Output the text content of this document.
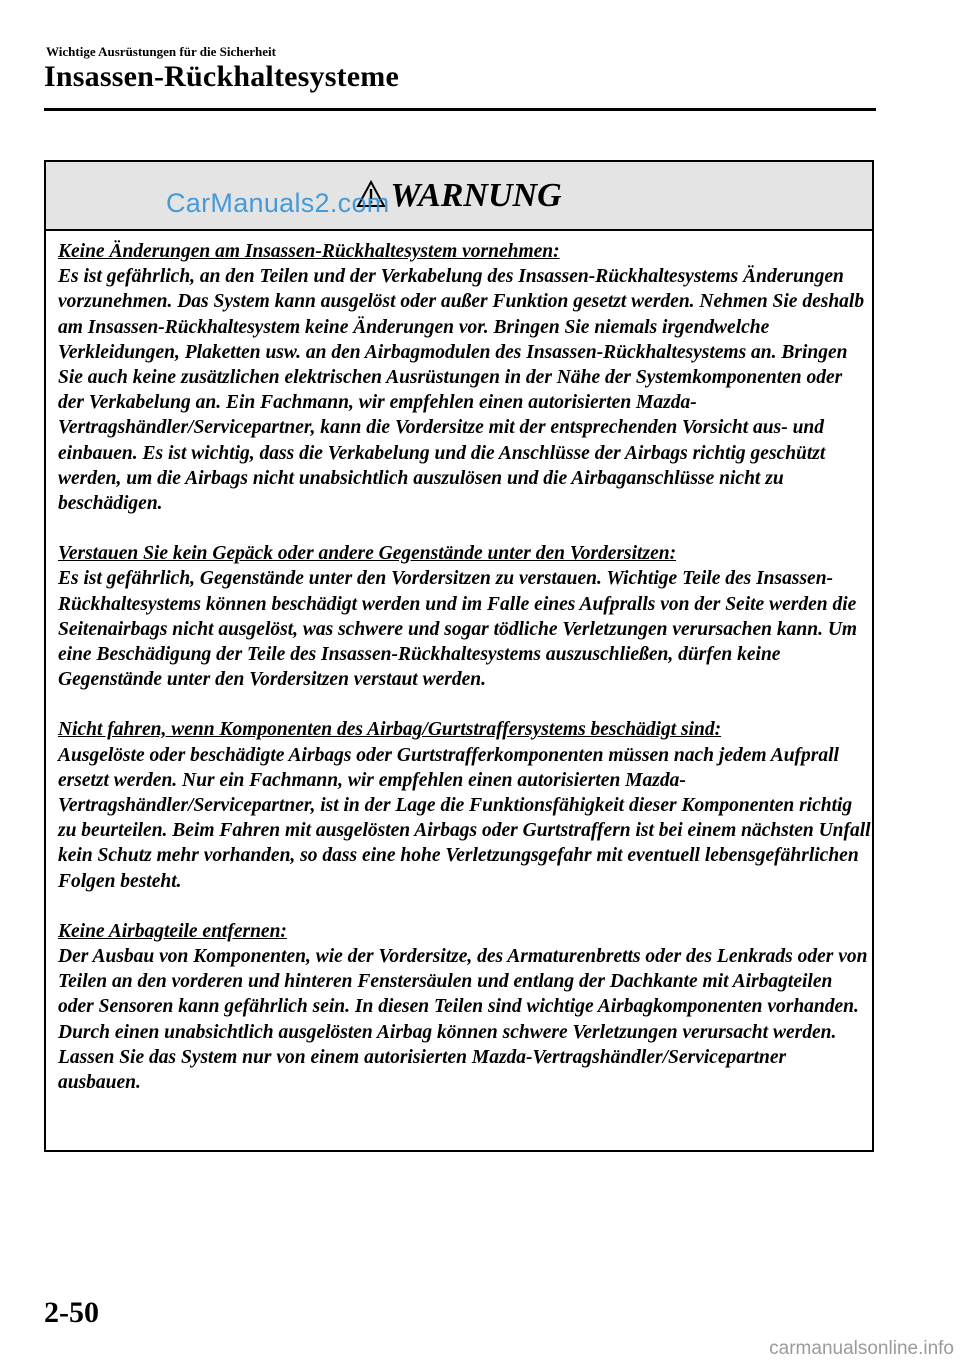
Wichtige Ausrüstungen für die Sicherheit
Insassen-Rückhaltesysteme
WARNUNG
CarManuals2.com
Keine Änderungen am Insassen-Rückhaltesystem vornehmen:
Es ist gefährlich, an den Teilen und der Verkabelung des Insassen-Rückhaltesystems Änderungen vorzunehmen. Das System kann ausgelöst oder außer Funktion gesetzt werden. Nehmen Sie deshalb am Insassen-Rückhaltesystem keine Änderungen vor. Bringen Sie niemals irgendwelche Verkleidungen, Plaketten usw. an den Airbagmodulen des Insassen-Rückhaltesystems an. Bringen Sie auch keine zusätzlichen elektrischen Ausrüstungen in der Nähe der Systemkomponenten oder der Verkabelung an. Ein Fachmann, wir empfehlen einen autorisierten Mazda-Vertragshändler/Servicepartner, kann die Vordersitze mit der entsprechenden Vorsicht aus- und einbauen. Es ist wichtig, dass die Verkabelung und die Anschlüsse der Airbags richtig geschützt werden, um die Airbags nicht unabsichtlich auszulösen und die Airbaganschlüsse nicht zu beschädigen.
Verstauen Sie kein Gepäck oder andere Gegenstände unter den Vordersitzen:
Es ist gefährlich, Gegenstände unter den Vordersitzen zu verstauen. Wichtige Teile des Insassen-Rückhaltesystems können beschädigt werden und im Falle eines Aufpralls von der Seite werden die Seitenairbags nicht ausgelöst, was schwere und sogar tödliche Verletzungen verursachen kann. Um eine Beschädigung der Teile des Insassen-Rückhaltesystems auszuschließen, dürfen keine Gegenstände unter den Vordersitzen verstaut werden.
Nicht fahren, wenn Komponenten des Airbag/Gurtstraffersystems beschädigt sind:
Ausgelöste oder beschädigte Airbags oder Gurtstrafferkomponenten müssen nach jedem Aufprall ersetzt werden. Nur ein Fachmann, wir empfehlen einen autorisierten Mazda-Vertragshändler/Servicepartner, ist in der Lage die Funktionsfähigkeit dieser Komponenten richtig zu beurteilen. Beim Fahren mit ausgelösten Airbags oder Gurtstraffern ist bei einem nächsten Unfall kein Schutz mehr vorhanden, so dass eine hohe Verletzungsgefahr mit eventuell lebensgefährlichen Folgen besteht.
Keine Airbagteile entfernen:
Der Ausbau von Komponenten, wie der Vordersitze, des Armaturenbretts oder des Lenkrads oder von Teilen an den vorderen und hinteren Fenstersäulen und entlang der Dachkante mit Airbagteilen oder Sensoren kann gefährlich sein. In diesen Teilen sind wichtige Airbagkomponenten vorhanden. Durch einen unabsichtlich ausgelösten Airbag können schwere Verletzungen verursacht werden. Lassen Sie das System nur von einem autorisierten Mazda-Vertragshändler/Servicepartner ausbauen.
2-50
carmanualsonline.info
